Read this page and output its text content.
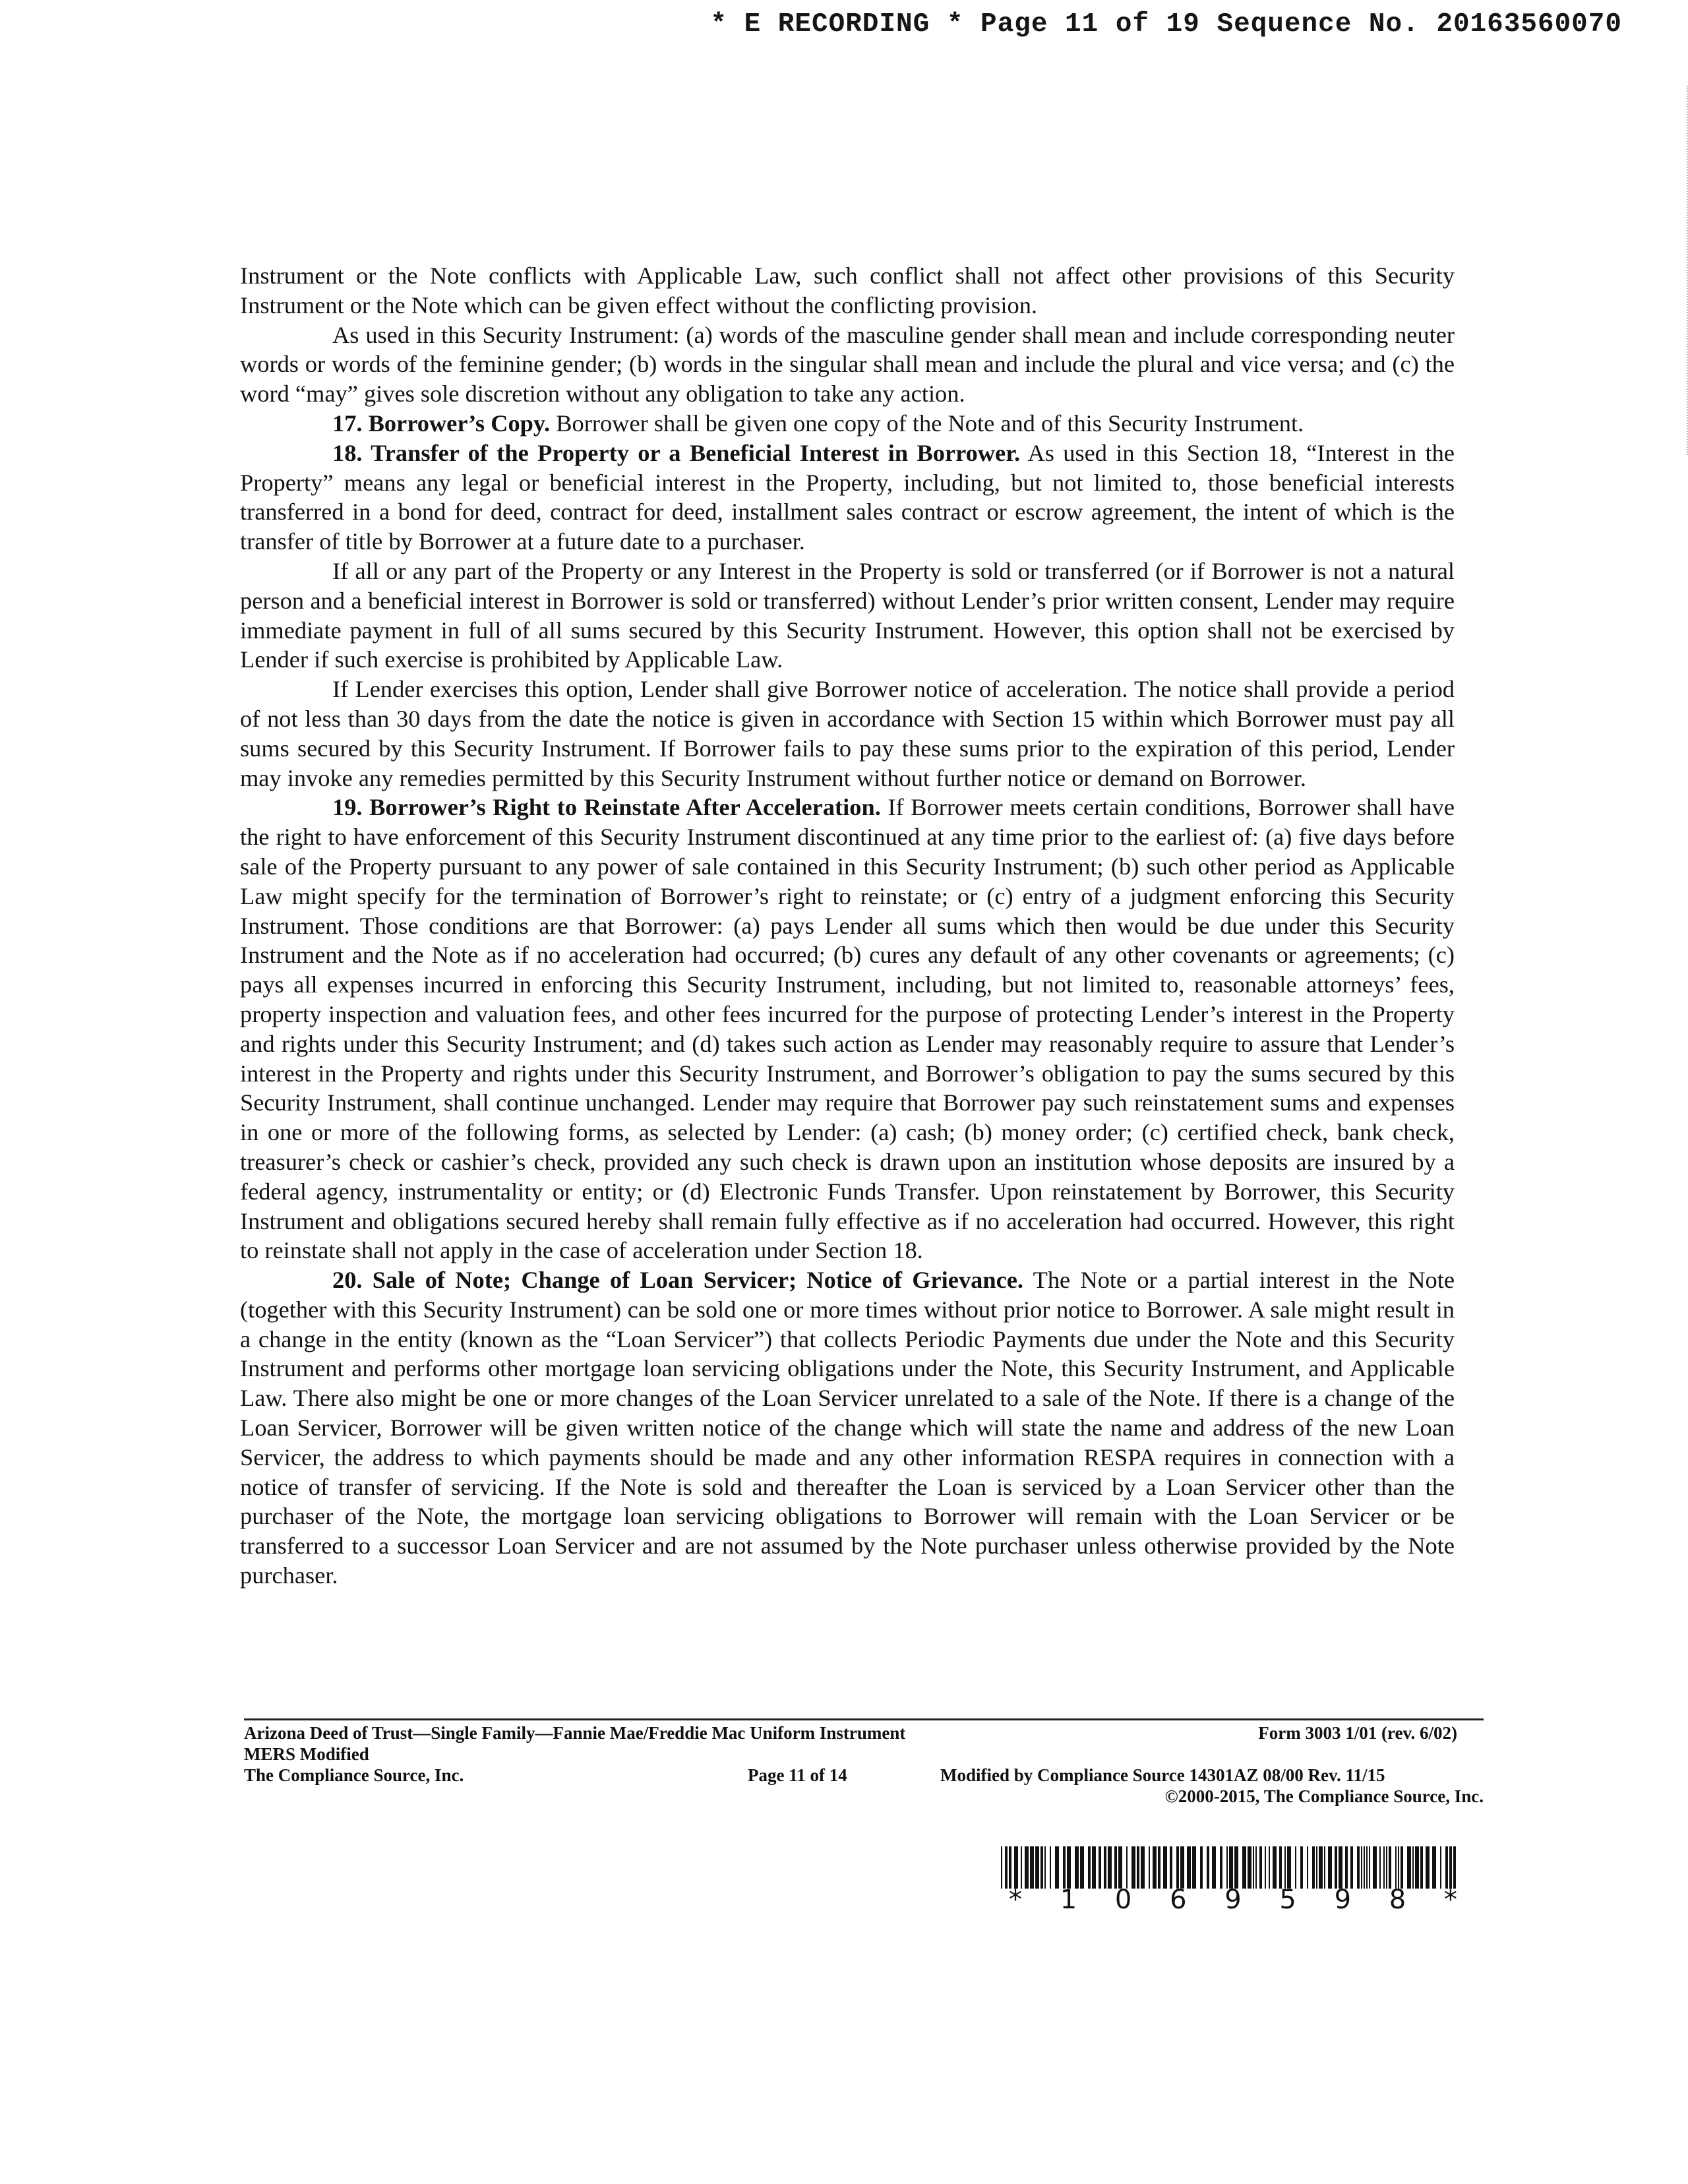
* E RECORDING * Page 11 of 19 Sequence No. 20163560070

Instrument or the Note conflicts with Applicable Law, such conflict shall not affect other provisions of this Security Instrument or the Note which can be given effect without the conflicting provision.

As used in this Security Instrument: (a) words of the masculine gender shall mean and include corresponding neuter words or words of the feminine gender; (b) words in the singular shall mean and include the plural and vice versa; and (c) the word “may” gives sole discretion without any obligation to take any action.

17. Borrower’s Copy. Borrower shall be given one copy of the Note and of this Security Instrument.

18. Transfer of the Property or a Beneficial Interest in Borrower. As used in this Section 18, “Interest in the Property” means any legal or beneficial interest in the Property, including, but not limited to, those beneficial interests transferred in a bond for deed, contract for deed, installment sales contract or escrow agreement, the intent of which is the transfer of title by Borrower at a future date to a purchaser.

If all or any part of the Property or any Interest in the Property is sold or transferred (or if Borrower is not a natural person and a beneficial interest in Borrower is sold or transferred) without Lender’s prior written consent, Lender may require immediate payment in full of all sums secured by this Security Instrument. However, this option shall not be exercised by Lender if such exercise is prohibited by Applicable Law.

If Lender exercises this option, Lender shall give Borrower notice of acceleration. The notice shall provide a period of not less than 30 days from the date the notice is given in accordance with Section 15 within which Borrower must pay all sums secured by this Security Instrument. If Borrower fails to pay these sums prior to the expiration of this period, Lender may invoke any remedies permitted by this Security Instrument without further notice or demand on Borrower.

19. Borrower’s Right to Reinstate After Acceleration. If Borrower meets certain conditions, Borrower shall have the right to have enforcement of this Security Instrument discontinued at any time prior to the earliest of: (a) five days before sale of the Property pursuant to any power of sale contained in this Security Instrument; (b) such other period as Applicable Law might specify for the termination of Borrower’s right to reinstate; or (c) entry of a judgment enforcing this Security Instrument. Those conditions are that Borrower: (a) pays Lender all sums which then would be due under this Security Instrument and the Note as if no acceleration had occurred; (b) cures any default of any other covenants or agreements; (c) pays all expenses incurred in enforcing this Security Instrument, including, but not limited to, reasonable attorneys’ fees, property inspection and valuation fees, and other fees incurred for the purpose of protecting Lender’s interest in the Property and rights under this Security Instrument; and (d) takes such action as Lender may reasonably require to assure that Lender’s interest in the Property and rights under this Security Instrument, and Borrower’s obligation to pay the sums secured by this Security Instrument, shall continue unchanged. Lender may require that Borrower pay such reinstatement sums and expenses in one or more of the following forms, as selected by Lender: (a) cash; (b) money order; (c) certified check, bank check, treasurer’s check or cashier’s check, provided any such check is drawn upon an institution whose deposits are insured by a federal agency, instrumentality or entity; or (d) Electronic Funds Transfer. Upon reinstatement by Borrower, this Security Instrument and obligations secured hereby shall remain fully effective as if no acceleration had occurred. However, this right to reinstate shall not apply in the case of acceleration under Section 18.

20. Sale of Note; Change of Loan Servicer; Notice of Grievance. The Note or a partial interest in the Note (together with this Security Instrument) can be sold one or more times without prior notice to Borrower. A sale might result in a change in the entity (known as the “Loan Servicer”) that collects Periodic Payments due under the Note and this Security Instrument and performs other mortgage loan servicing obligations under the Note, this Security Instrument, and Applicable Law. There also might be one or more changes of the Loan Servicer unrelated to a sale of the Note. If there is a change of the Loan Servicer, Borrower will be given written notice of the change which will state the name and address of the new Loan Servicer, the address to which payments should be made and any other information RESPA requires in connection with a notice of transfer of servicing. If the Note is sold and thereafter the Loan is serviced by a Loan Servicer other than the purchaser of the Note, the mortgage loan servicing obligations to Borrower will remain with the Loan Servicer or be transferred to a successor Loan Servicer and are not assumed by the Note purchaser unless otherwise provided by the Note purchaser.

Arizona Deed of Trust—Single Family—Fannie Mae/Freddie Mac Uniform Instrument	Form 3003 1/01 (rev. 6/02)
MERS Modified
The Compliance Source, Inc.	Page 11 of 14	Modified by Compliance Source 14301AZ 08/00 Rev. 11/15
©2000-2015, The Compliance Source, Inc.
* 1 0 6 9 5 9 8 *
